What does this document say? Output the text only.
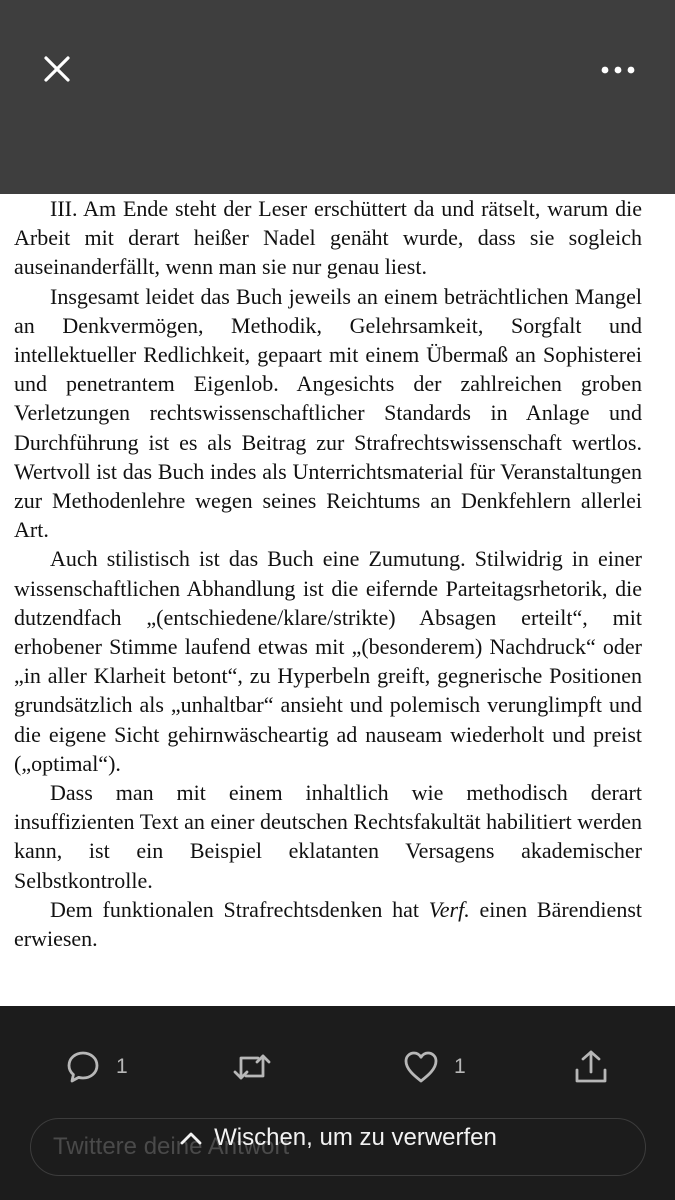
III. Am Ende steht der Leser erschüttert da und rätselt, warum die Arbeit mit derart heißer Nadel genäht wurde, dass sie sogleich auseinanderfällt, wenn man sie nur genau liest.

Insgesamt leidet das Buch jeweils an einem beträchtlichen Mangel an Denkvermögen, Methodik, Gelehrsamkeit, Sorgfalt und intellektueller Redlichkeit, gepaart mit einem Übermaß an Sophisterei und penetrantem Eigenlob. Angesichts der zahlreichen groben Verletzungen rechtswissenschaftlicher Standards in Anlage und Durchführung ist es als Beitrag zur Strafrechtswissenschaft wertlos. Wertvoll ist das Buch indes als Unterrichtsmaterial für Veranstaltungen zur Methodenlehre wegen seines Reichtums an Denkfehlern allerlei Art.

Auch stilistisch ist das Buch eine Zumutung. Stilwidrig in einer wissenschaftlichen Abhandlung ist die eifernde Parteitagsrhetorik, die dutzendfach „(entschiedene/klare/strikte) Absagen erteilt“, mit erhobener Stimme laufend etwas mit „(besonderem) Nachdruck“ oder „in aller Klarheit betont“, zu Hyperbeln greift, gegnerische Positionen grundsätzlich als „unhaltbar“ ansieht und polemisch verunglimpft und die eigene Sicht gehirnwäscheartig ad nauseam wiederholt und preist („optimal“).

Dass man mit einem inhaltlich wie methodisch derart insuffizienten Text an einer deutschen Rechtsfakultät habilitiert werden kann, ist ein Beispiel eklatanten Versagens akademischer Selbstkontrolle.

Dem funktionalen Strafrechtsdenken hat Verf. einen Bärendienst erwiesen.

1	1
Twittere deine Antwort
Wischen, um zu verwerfen
